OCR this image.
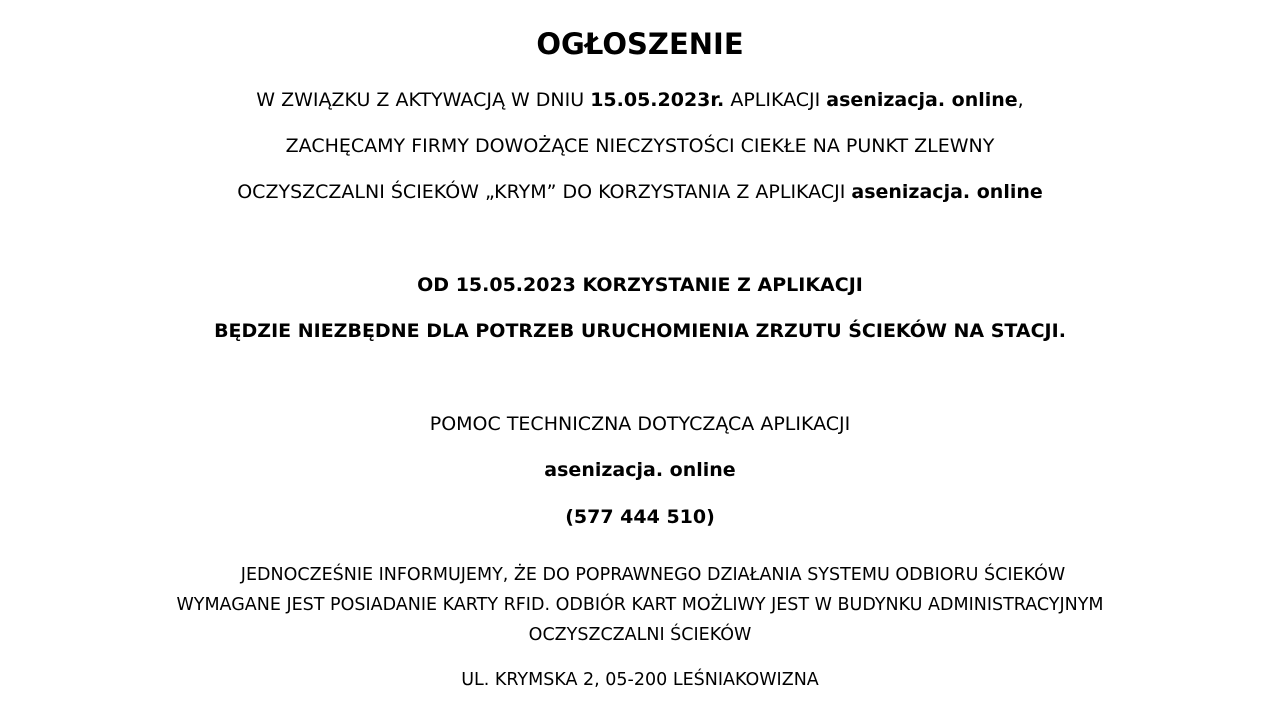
OGŁOSZENIE
W ZWIĄZKU Z AKTYWACJĄ W DNIU 15.05.2023r. APLIKACJI asenizacja. online,
ZACHĘCAMY FIRMY DOWOŻĄCE NIECZYSTOŚCI CIEKŁE NA PUNKT ZLEWNY
OCZYSZCZALNI ŚCIEKÓW „KRYM” DO KORZYSTANIA Z APLIKACJI asenizacja. online
OD 15.05.2023 KORZYSTANIE Z APLIKACJI
BĘDZIE NIEZBĘDNE DLA POTRZEB URUCHOMIENIA ZRZUTU ŚCIEKÓW NA STACJI.
POMOC TECHNICZNA DOTYCZĄCA APLIKACJI
asenizacja. online
(577 444 510)
JEDNOCZEŚNIE INFORMUJEMY, ŻE DO POPRAWNEGO DZIAŁANIA SYSTEMU ODBIORU ŚCIEKÓW
WYMAGANE JEST POSIADANIE KARTY RFID. ODBIÓR KART MOŻLIWY JEST W BUDYNKU ADMINISTRACYJNYM
OCZYSZCZALNI ŚCIEKÓW
UL. KRYMSKA 2, 05-200 LEŚNIAKOWIZNA
